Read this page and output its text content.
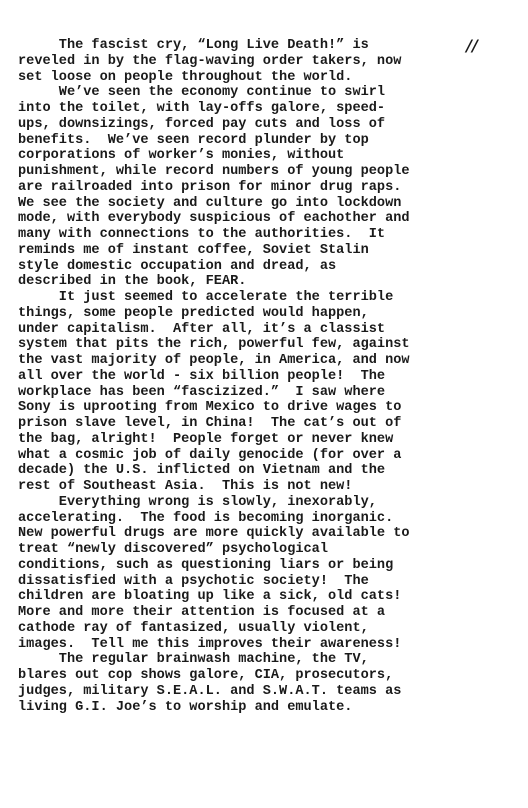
//
The fascist cry, “Long Live Death!” is
reveled in by the flag-waving order takers, now
set loose on people throughout the world.
We’ve seen the economy continue to swirl
into the toilet, with lay-offs galore, speed-
ups, downsizings, forced pay cuts and loss of
benefits.  We’ve seen record plunder by top
corporations of worker’s monies, without
punishment, while record numbers of young people
are railroaded into prison for minor drug raps.
We see the society and culture go into lockdown
mode, with everybody suspicious of eachother and
many with connections to the authorities.  It
reminds me of instant coffee, Soviet Stalin
style domestic occupation and dread, as
described in the book, FEAR.
It just seemed to accelerate the terrible
things, some people predicted would happen,
under capitalism.  After all, it’s a classist
system that pits the rich, powerful few, against
the vast majority of people, in America, and now
all over the world - six billion people!  The
workplace has been “fascizized.”  I saw where
Sony is uprooting from Mexico to drive wages to
prison slave level, in China!  The cat’s out of
the bag, alright!  People forget or never knew
what a cosmic job of daily genocide (for over a
decade) the U.S. inflicted on Vietnam and the
rest of Southeast Asia.  This is not new!
Everything wrong is slowly, inexorably,
accelerating.  The food is becoming inorganic.
New powerful drugs are more quickly available to
treat “newly discovered” psychological
conditions, such as questioning liars or being
dissatisfied with a psychotic society!  The
children are bloating up like a sick, old cats!
More and more their attention is focused at a
cathode ray of fantasized, usually violent,
images.  Tell me this improves their awareness!
The regular brainwash machine, the TV,
blares out cop shows galore, CIA, prosecutors,
judges, military S.E.A.L. and S.W.A.T. teams as
living G.I. Joe’s to worship and emulate.
